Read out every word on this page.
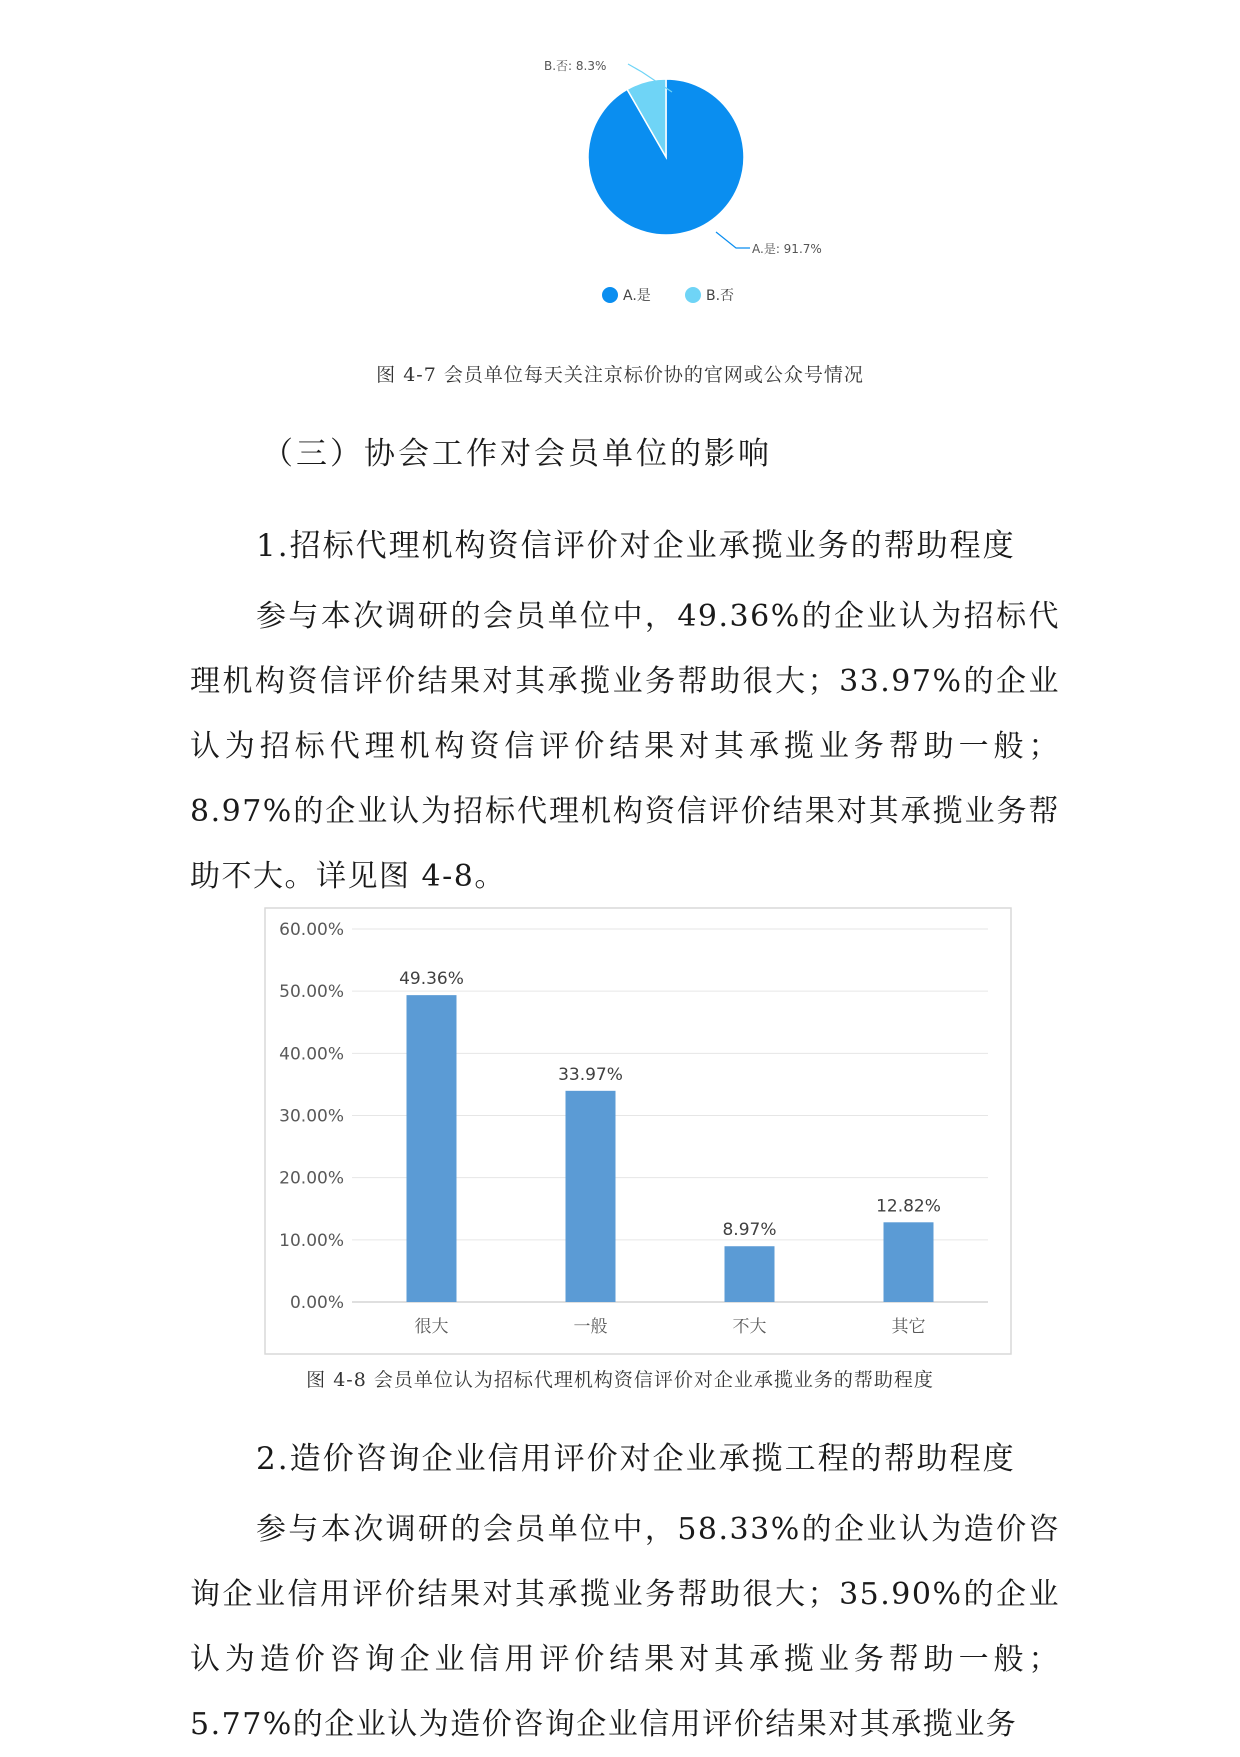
B.否: 8.3%
A.是: 91.7%
A.是	B.否
图 4-7 会员单位每天关注京标价协的官网或公众号情况
（三）协会工作对会员单位的影响
1.招标代理机构资信评价对企业承揽业务的帮助程度

参与本次调研的会员单位中，49.36%的企业认为招标代理机构资信评价结果对其承揽业务帮助很大；33.97%的企业认为招标代理机构资信评价结果对其承揽业务帮助一般；8.97%的企业认为招标代理机构资信评价结果对其承揽业务帮助不大。详见图 4-8。

0.00%
10.00%
20.00%
30.00%
40.00%
50.00%
60.00%
49.36%
很大
33.97%
一般
8.97%
不大
12.82%
其它
图 4-8 会员单位认为招标代理机构资信评价对企业承揽业务的帮助程度
2.造价咨询企业信用评价对企业承揽工程的帮助程度

参与本次调研的会员单位中，58.33%的企业认为造价咨询企业信用评价结果对其承揽业务帮助很大；35.90%的企业认为造价咨询企业信用评价结果对其承揽业务帮助一般；5.77%的企业认为造价咨询企业信用评价结果对其承揽业务
